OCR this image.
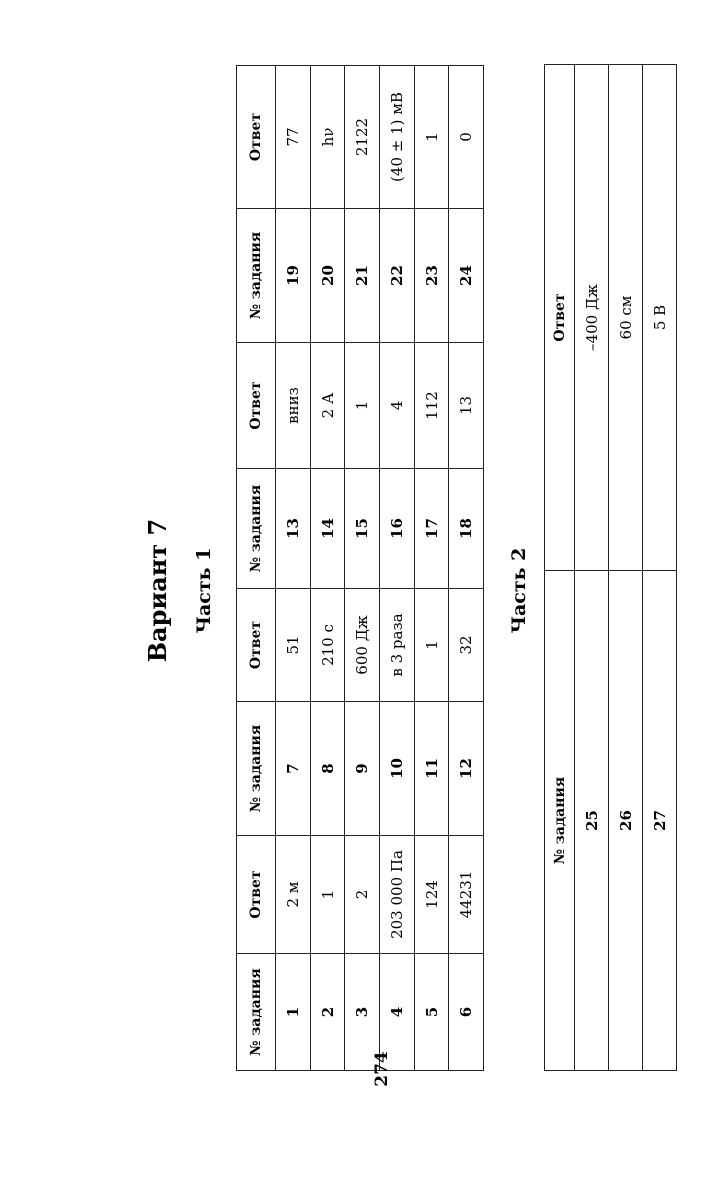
Вариант 7 Часть 1
№ задания	Ответ	№ задания	Ответ	№ задания	Ответ	№ задания	Ответ
1	2 м	7	51	13	вниз	19	77
2	1	8	210 с	14	2 А	20	hν
3	2	9	600 Дж	15	1	21	2122
4	203 000 Па	10	в 3 раза	16	4	22	(40 ± 1) мВ
5	124	11	1	17	112	23	1
6	44231	12	32	18	13	24	0
274
Часть 2
№ задания	Ответ
25	–400 Дж
26	60 см
27	5 В
